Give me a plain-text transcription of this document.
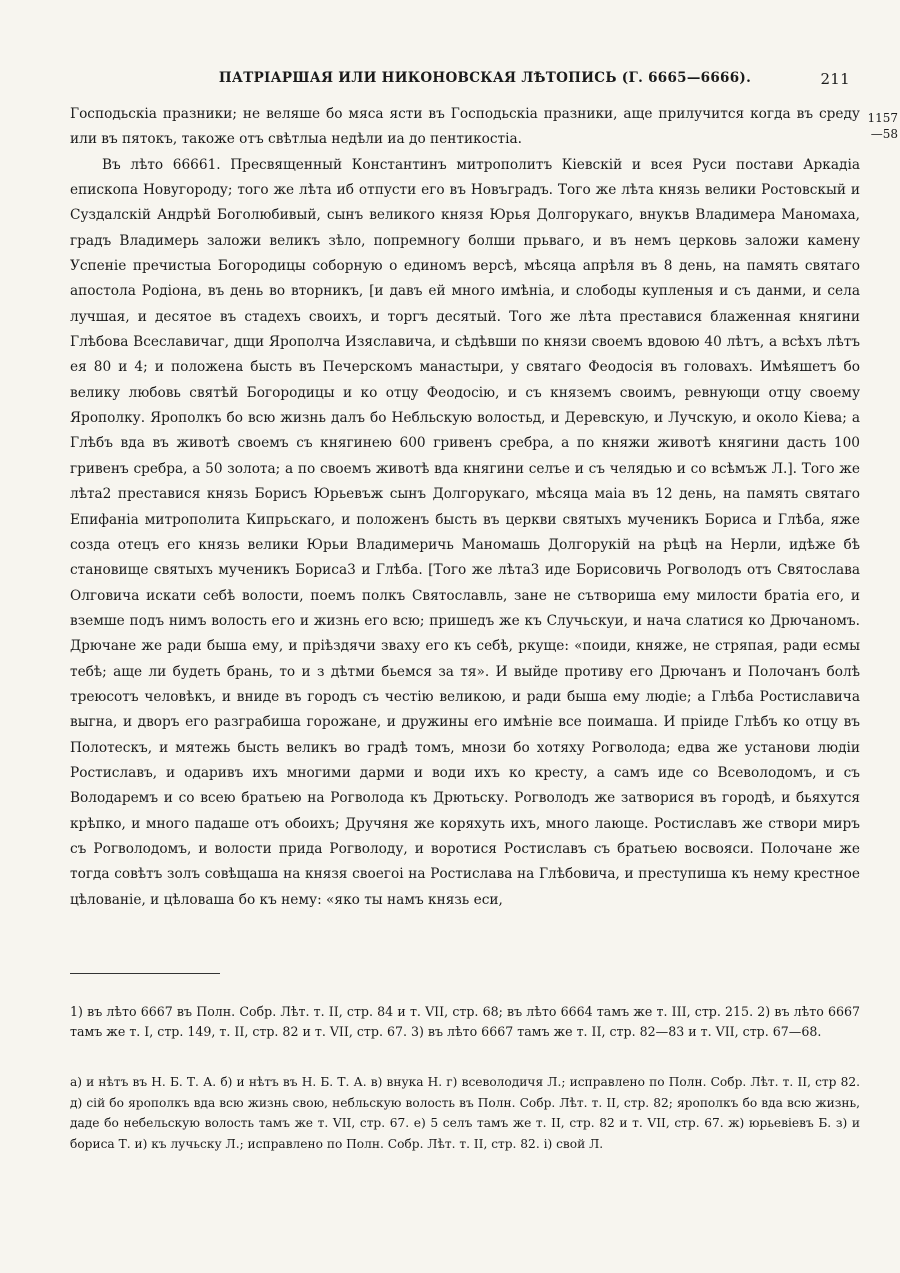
ПАТРІАРШАЯ ИЛИ НИКОНОВСКАЯ ЛѢТОПИСЬ (Г. 6665—6666).	211

Господьскіа празники; не веляше бо мяса ясти въ Господьскіа празники, аще прилучится когда въ среду или въ пятокъ, такоже отъ свѣтлыа недѣли иа до пентикостіа.

Въ лѣто 66661. Пресвященный Константинъ митрополитъ Кіевскій и всея Руси постави Аркадіа епископа Новугороду; того же лѣта иб отпусти его въ Новъградъ. Того же лѣта князь велики Ростовскый и Суздалскій Андрѣй Боголюбивый, сынъ великого князя Юрья Долгорукаго, внукъв Владимера Маномаха, градъ Владимерь заложи великъ зѣло, попремногу болши прьваго, и въ немъ церковь заложи камену Успеніе пречистыа Богородицы соборную о единомъ версѣ, мѣсяца апрѣля въ 8 день, на память святаго апостола Родіона, въ день во вторникъ, [и давъ ей много имѣніа, и слободы купленыя и съ данми, и села лучшая, и десятое въ стадехъ своихъ, и торгъ десятый. Того же лѣта преставися блаженная княгини Глѣбова Всеславичаг, дщи Ярополча Изяславича, и сѣдѣвши по князи своемъ вдовою 40 лѣтъ, а всѣхъ лѣтъ ея 80 и 4; и положена бысть въ Печерскомъ манастыри, у святаго Феодосія въ головахъ. Имѣяшетъ бо велику любовь святѣй Богородицы и ко отцу Феодосію, и съ княземъ своимъ, ревнующи отцу своему Ярополку. Ярополкъ бо всю жизнь далъ бо Небльскую волостьд, и Деревскую, и Лучскую, и около Кіева; а Глѣбъ вда въ животѣ своемъ съ княгинею 600 гривенъ сребра, а по княжи животѣ княгини дасть 100 гривенъ сребра, а 50 золота; а по своемъ животѣ вда княгини селъе и съ челядью и со всѣмъж Л.]. Того же лѣта2 преставися князь Борисъ Юрьевъж сынъ Долгорукаго, мѣсяца маіа въ 12 день, на память святаго Епифаніа митрополита Кипрьскаго, и положенъ бысть въ церкви святыхъ мученикъ Бориса и Глѣба, яже созда отецъ его князь велики Юрьи Владимеричь Маномашь Долгорукій на рѣцѣ на Нерли, идѣже бѣ становище святыхъ мученикъ Бориса3 и Глѣба. [Того же лѣта3 иде Борисовичь Рогволодъ отъ Святослава Олговича искати себѣ волости, поемъ полкъ Святославль, зане не сътвориша ему милости братіа его, и вземше подъ нимъ волость его и жизнь его всю; пришедъ же къ Случьскуи, и нача слатися ко Дрючаномъ. Дрючане же ради быша ему, и пріѣздячи зваху его къ себѣ, ркуще: «поиди, княже, не стряпая, ради есмы тебѣ; аще ли будеть брань, то и з дѣтми бьемся за тя». И выйде противу его Дрючанъ и Полочанъ болѣ треюсотъ человѣкъ, и вниде въ городъ съ честію великою, и ради быша ему людіе; а Глѣба Ростиславича выгна, и дворъ его разграбиша горожане, и дружины его имѣніе все поимаша. И пріиде Глѣбъ ко отцу въ Полотескъ, и мятежь бысть великъ во градѣ томъ, мнози бо хотяху Рогволода; едва же установи людіи Ростиславъ, и одаривъ ихъ многими дарми и води ихъ ко кресту, а самъ иде со Всеволодомъ, и съ Володаремъ и со всею братьею на Рогволода къ Дрютьску. Рогволодъ же затворися въ городѣ, и бьяхутся крѣпко, и много падаше отъ обоихъ; Дручяня же коряхуть ихъ, много лающе. Ростиславъ же створи миръ съ Рогволодомъ, и волости прида Рогволоду, и воротися Ростиславъ съ братьею восвояси. Полочане же тогда совѣтъ золъ совѣщаша на князя своегоі на Ростислава на Глѣбовича, и преступиша къ нему крестное цѣлованіе, и цѣловаша бо къ нему: «яко ты намъ князь еси,

1) въ лѣто 6667 въ Полн. Собр. Лѣт. т. II, стр. 84 и т. VII, стр. 68; въ лѣто 6664 тамъ же т. III, стр. 215. 2) въ лѣто 6667 тамъ же т. I, стр. 149, т. II, стр. 82 и т. VII, стр. 67. 3) въ лѣто 6667 тамъ же т. II, стр. 82—83 и т. VII, стр. 67—68.

а) и нѣтъ въ Н. Б. Т. А. б) и нѣтъ въ Н. Б. Т. А. в) внука Н. г) всеволодичя Л.; исправлено по Полн. Собр. Лѣт. т. II, стр 82. д) сій бо ярополкъ вда всю жизнь свою, небльскую волость въ Полн. Собр. Лѣт. т. II, стр. 82; ярополкъ бо вда всю жизнь, даде бо небельскую волость тамъ же т. VII, стр. 67. е) 5 селъ тамъ же т. II, стр. 82 и т. VII, стр. 67. ж) юрьевіевъ Б. з) и бориса Т. и) къ лучьску Л.; исправлено по Полн. Собр. Лѣт. т. II, стр. 82. і) свой Л.

1157
—58
